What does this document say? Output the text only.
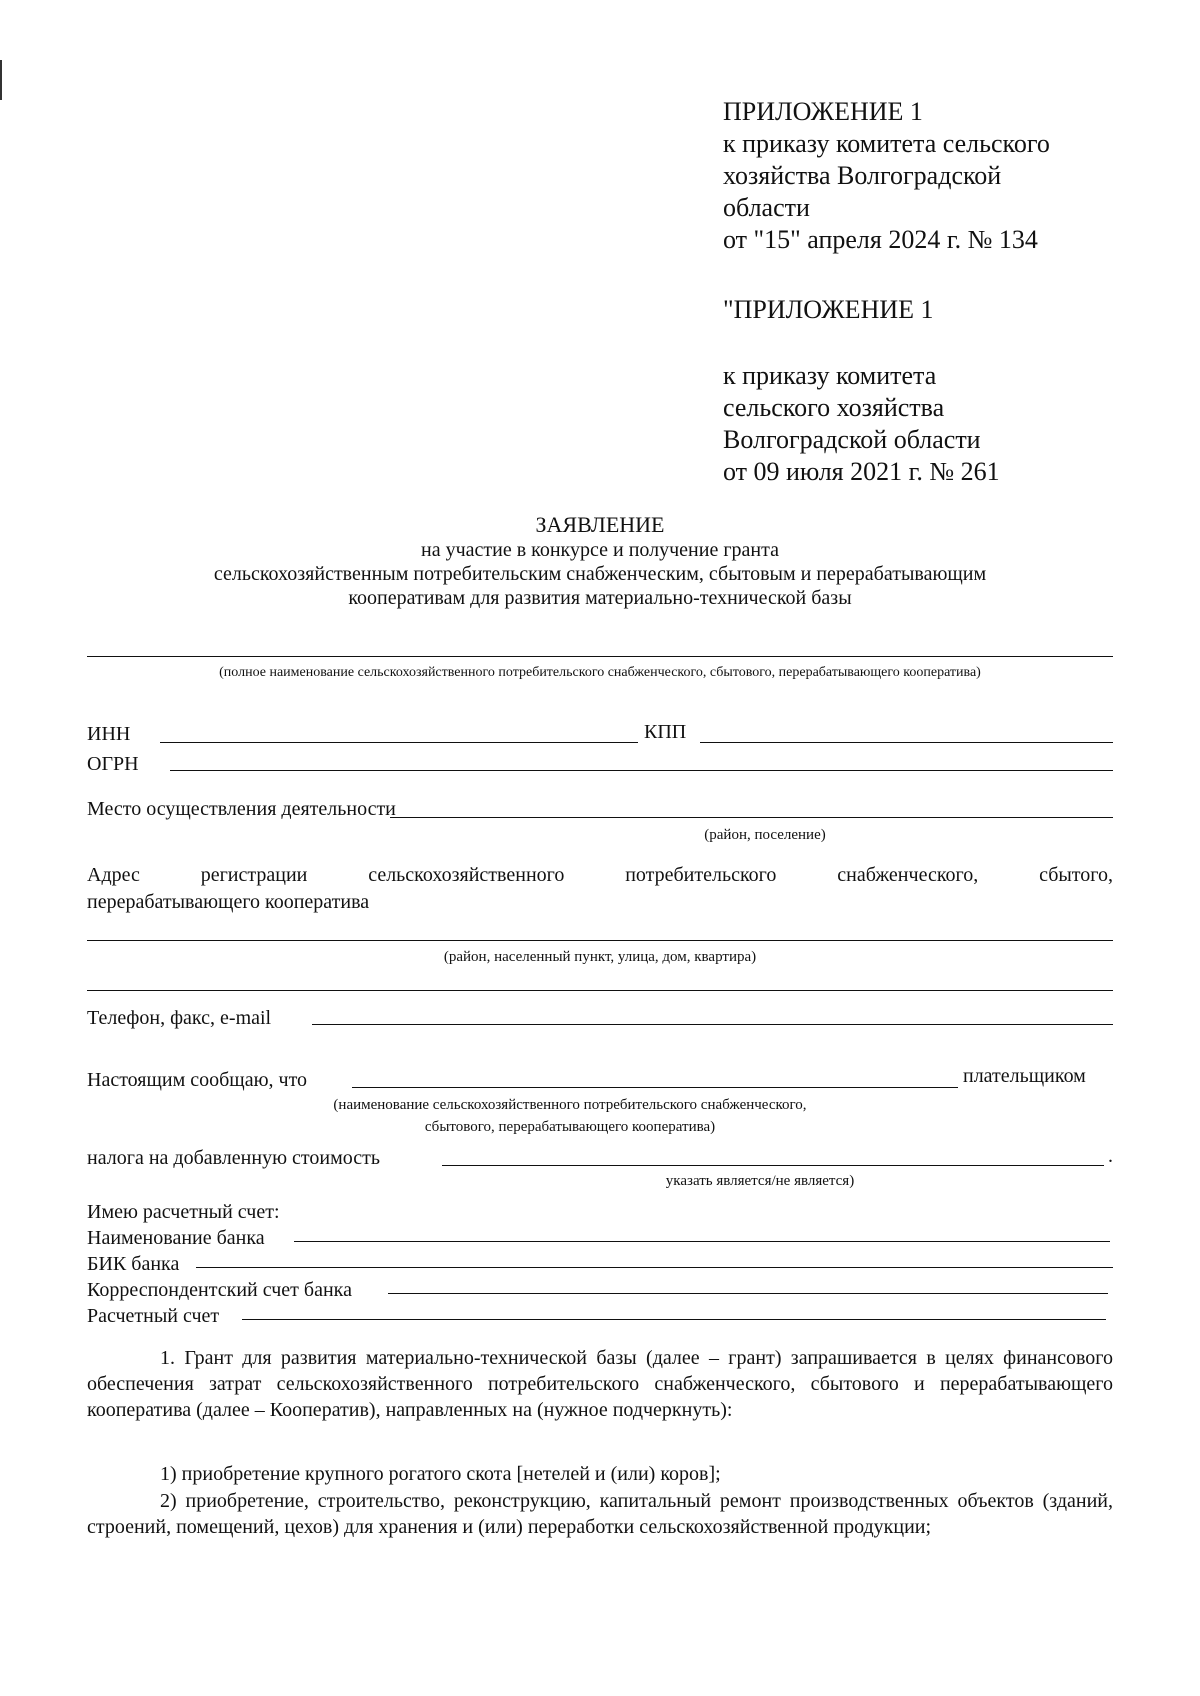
ПРИЛОЖЕНИЕ 1
к приказу комитета сельского
хозяйства Волгоградской
области
от "15" апреля 2024 г. № 134
"ПРИЛОЖЕНИЕ 1
к приказу комитета
сельского хозяйства
Волгоградской области
от 09 июля 2021 г. № 261
ЗАЯВЛЕНИЕ
на участие в конкурсе и получение гранта
сельскохозяйственным потребительским снабженческим, сбытовым и перерабатывающим
кооперативам для развития материально-технической базы
(полное наименование сельскохозяйственного потребительского снабженческого, сбытового, перерабатывающего кооператива)
ИНН	КПП
ОГРН
Место осуществления деятельности
(район, поселение)
Адрес регистрации сельскохозяйственного потребительского снабженческого, сбытого,
перерабатывающего кооператива
(район, населенный пункт, улица, дом, квартира)
Телефон, факс, e-mail
Настоящим сообщаю, что	плательщиком
(наименование сельскохозяйственного потребительского снабженческого,
сбытового, перерабатывающего кооператива)
налога на добавленную стоимость	.
указать является/не является)
Имею расчетный счет:
Наименование банка
БИК банка
Корреспондентский счет банка
Расчетный счет
1. Грант для развития материально-технической базы (далее – грант) запрашивается в целях финансового обеспечения затрат сельскохозяйственного потребительского снабженческого, сбытового и перерабатывающего кооператива (далее – Кооператив), направленных на (нужное подчеркнуть):
1) приобретение крупного рогатого скота [нетелей и (или) коров];
2) приобретение, строительство, реконструкцию, капитальный ремонт производственных объектов (зданий, строений, помещений, цехов) для хранения и (или) переработки сельскохозяйственной продукции;
